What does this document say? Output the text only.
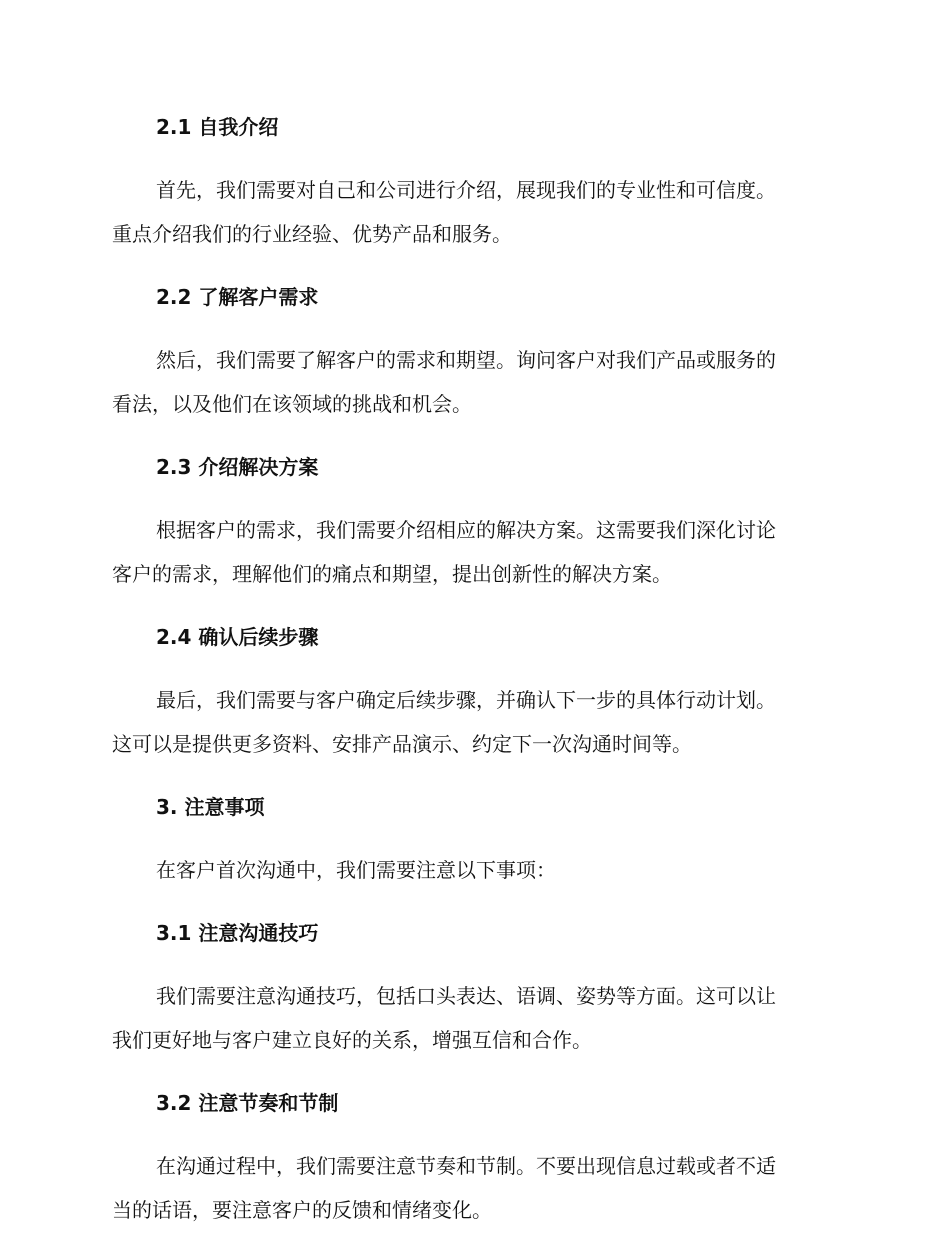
2.1 自我介绍
首先，我们需要对自己和公司进行介绍，展现我们的专业性和可信度。
重点介绍我们的行业经验、优势产品和服务。
2.2 了解客户需求
然后，我们需要了解客户的需求和期望。询问客户对我们产品或服务的
看法，以及他们在该领域的挑战和机会。
2.3 介绍解决方案
根据客户的需求，我们需要介绍相应的解决方案。这需要我们深化讨论
客户的需求，理解他们的痛点和期望，提出创新性的解决方案。
2.4 确认后续步骤
最后，我们需要与客户确定后续步骤，并确认下一步的具体行动计划。
这可以是提供更多资料、安排产品演示、约定下一次沟通时间等。
3. 注意事项
在客户首次沟通中，我们需要注意以下事项：
3.1 注意沟通技巧
我们需要注意沟通技巧，包括口头表达、语调、姿势等方面。这可以让
我们更好地与客户建立良好的关系，增强互信和合作。
3.2 注意节奏和节制
在沟通过程中，我们需要注意节奏和节制。不要出现信息过载或者不适
当的话语，要注意客户的反馈和情绪变化。
